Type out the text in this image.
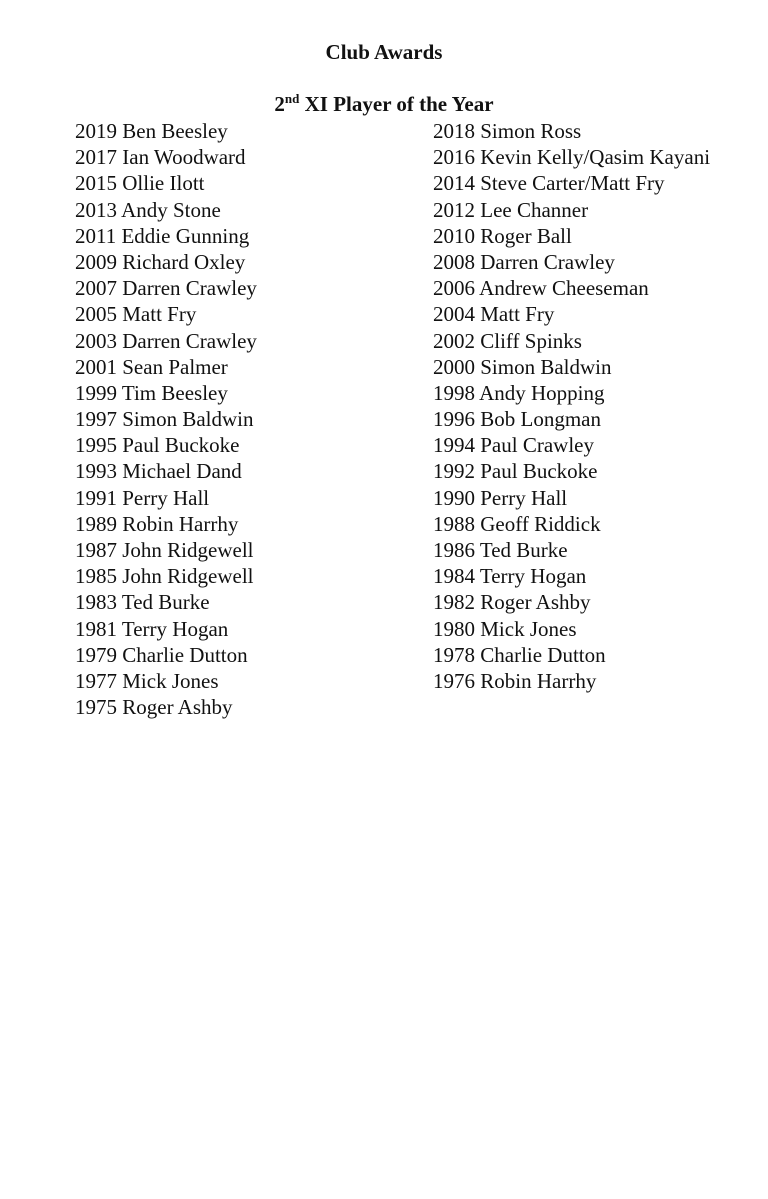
Club Awards
2nd XI Player of the Year
2019 Ben Beesley
2017 Ian Woodward
2015 Ollie Ilott
2013 Andy Stone
2011 Eddie Gunning
2009 Richard Oxley
2007 Darren Crawley
2005 Matt Fry
2003 Darren Crawley
2001 Sean Palmer
1999 Tim Beesley
1997 Simon Baldwin
1995 Paul Buckoke
1993 Michael Dand
1991 Perry Hall
1989 Robin Harrhy
1987 John Ridgewell
1985 John Ridgewell
1983 Ted Burke
1981 Terry Hogan
1979 Charlie Dutton
1977 Mick Jones
1975 Roger Ashby
2018 Simon Ross
2016 Kevin Kelly/Qasim Kayani
2014 Steve Carter/Matt Fry
2012 Lee Channer
2010 Roger Ball
2008 Darren Crawley
2006 Andrew Cheeseman
2004 Matt Fry
2002 Cliff Spinks
2000 Simon Baldwin
1998 Andy Hopping
1996 Bob Longman
1994 Paul Crawley
1992 Paul Buckoke
1990 Perry Hall
1988 Geoff Riddick
1986 Ted Burke
1984 Terry Hogan
1982 Roger Ashby
1980 Mick Jones
1978 Charlie Dutton
1976 Robin Harrhy
